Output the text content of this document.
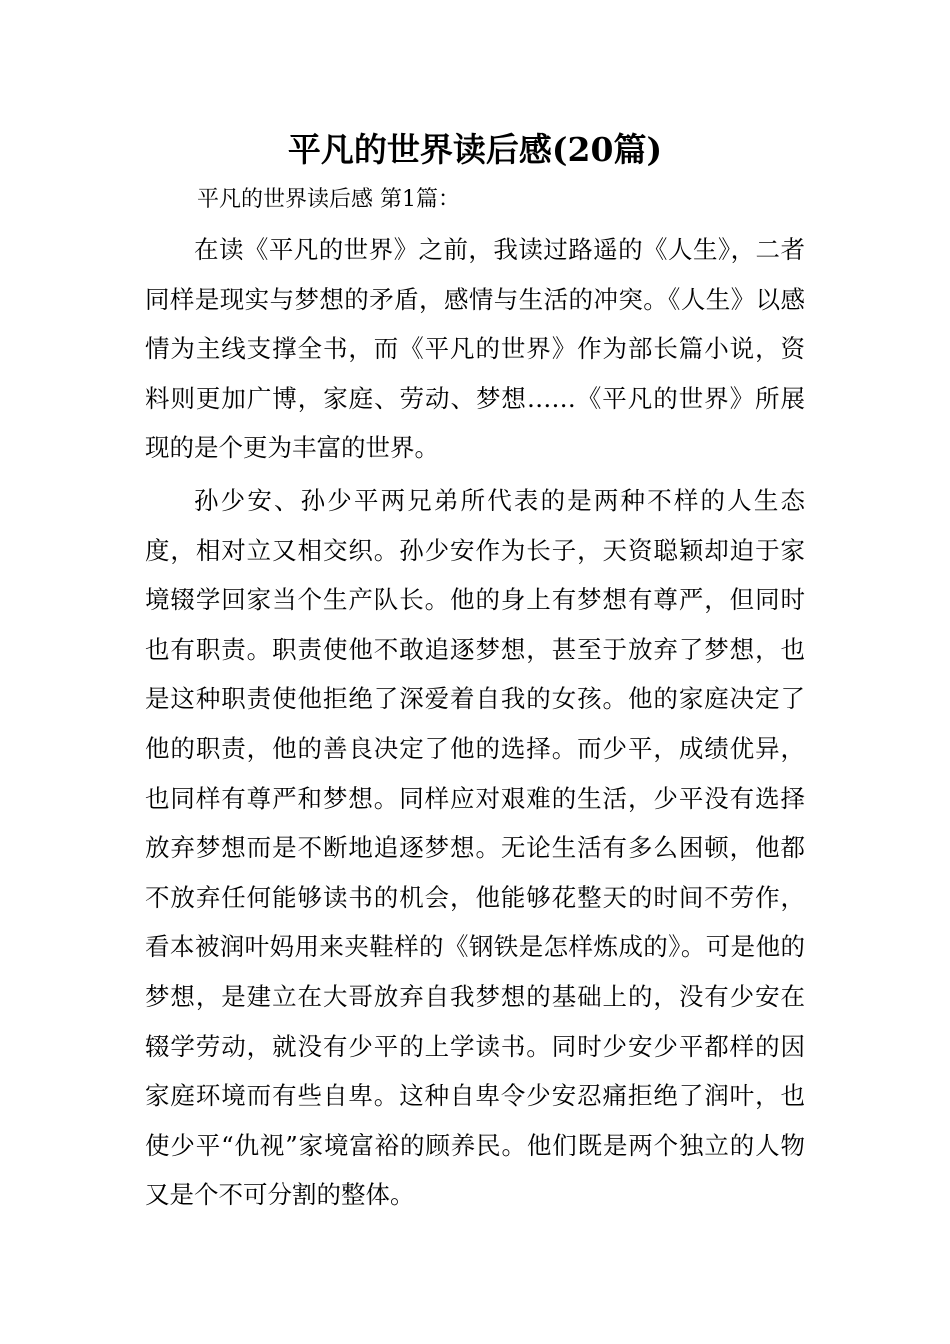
平凡的世界读后感(20篇)
平凡的世界读后感 第1篇：

在读《平凡的世界》之前，我读过路遥的《人生》，二者同样是现实与梦想的矛盾，感情与生活的冲突。《人生》以感情为主线支撑全书，而《平凡的世界》作为部长篇小说，资料则更加广博，家庭、劳动、梦想……《平凡的世界》所展现的是个更为丰富的世界。

孙少安、孙少平两兄弟所代表的是两种不样的人生态度，相对立又相交织。孙少安作为长子，天资聪颖却迫于家境辍学回家当个生产队长。他的身上有梦想有尊严，但同时也有职责。职责使他不敢追逐梦想，甚至于放弃了梦想，也是这种职责使他拒绝了深爱着自我的女孩。他的家庭决定了他的职责，他的善良决定了他的选择。而少平，成绩优异，也同样有尊严和梦想。同样应对艰难的生活，少平没有选择放弃梦想而是不断地追逐梦想。无论生活有多么困顿，他都不放弃任何能够读书的机会，他能够花整天的时间不劳作，看本被润叶妈用来夹鞋样的《钢铁是怎样炼成的》。可是他的梦想，是建立在大哥放弃自我梦想的基础上的，没有少安在辍学劳动，就没有少平的上学读书。同时少安少平都样的因家庭环境而有些自卑。这种自卑令少安忍痛拒绝了润叶，也使少平“仇视”家境富裕的顾养民。他们既是两个独立的人物又是个不可分割的整体。
